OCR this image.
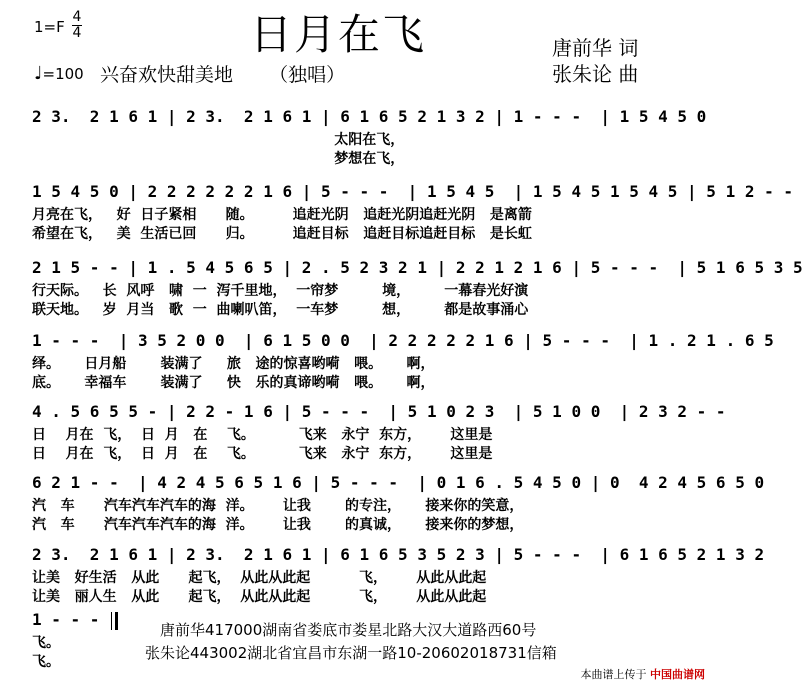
1=F
4
4	日月在飞	唐前华 词
张朱论 曲
♩=100 兴奋欢快甜美地 （独唱）
2 3.  2 1 6 1 | 2 3.  2 1 6 1 | 6 1 6 5 2 1 3 2 | 1 - - -  | 1 5 4 5 0
太阳在飞，
梦想在飞，
1 5 4 5 0 | 2 2 2 2 2 2 1 6 | 5 - - -  | 1 5 4 5  | 1 5 4 5 1 5 4 5 | 5 1 2 - -
月亮在飞，   好  日子紧相      随。        追赶光阴   追赶光阴追赶光阴   是离箭
希望在飞，   美  生活已回      归。        追赶目标   追赶目标追赶目标   是长虹
2 1 5 - - | 1 . 5 4 5 6 5 | 2 . 5 2 3 2 1 | 2 2 1 2 1 6 | 5 - - -  | 5 1 6 5 3 5
行天际。   长  风呼   啸  一  泻千里地，  一帘梦         境，       一幕春光好演
联天地。   岁  月当   歌  一  曲喇叭笛，  一车梦         想，       都是故事涌心
1 - - -  | 3 5 2 0 0  | 6 1 5 0 0  | 2 2 2 2 2 1 6 | 5 - - -  | 1 . 2 1 . 6 5
绎。     日月船       装满了     旅   途的惊喜哟嗬   喂。     啊，
底。     幸福车       装满了     快   乐的真谛哟嗬   喂。     啊，
4 . 5 6 5 5 - | 2 2 - 1 6 | 5 - - -  | 5 1 0 2 3  | 5 1 0 0  | 2 3 2 - -
日    月在  飞，  日  月   在    飞。         飞来   永宁  东方，      这里是
日    月在  飞，  日  月   在    飞。         飞来   永宁  东方，      这里是
6 2 1 - -  | 4 2 4 5 6 5 1 6 | 5 - - -  | 0 1 6 . 5 4 5 0 | 0  4 2 4 5 6 5 0
汽   车      汽车汽车汽车的海  洋。      让我       的专注，     接来你的笑意，
汽   车      汽车汽车汽车的海  洋。      让我       的真诚，     接来你的梦想，
2 3.  2 1 6 1 | 2 3.  2 1 6 1 | 6 1 6 5 3 5 2 3 | 5 - - -  | 6 1 6 5 2 1 3 2
让美   好生活   从此      起飞，  从此从此起          飞，      从此从此起
让美   丽人生   从此      起飞，  从此从此起          飞，      从此从此起
1 - - -
飞。
飞。
唐前华417000湖南省娄底市娄星北路大汉大道路西60号
张朱论443002湖北省宜昌市东湖一路10-20602018731信箱
本曲谱上传于 中国曲谱网
